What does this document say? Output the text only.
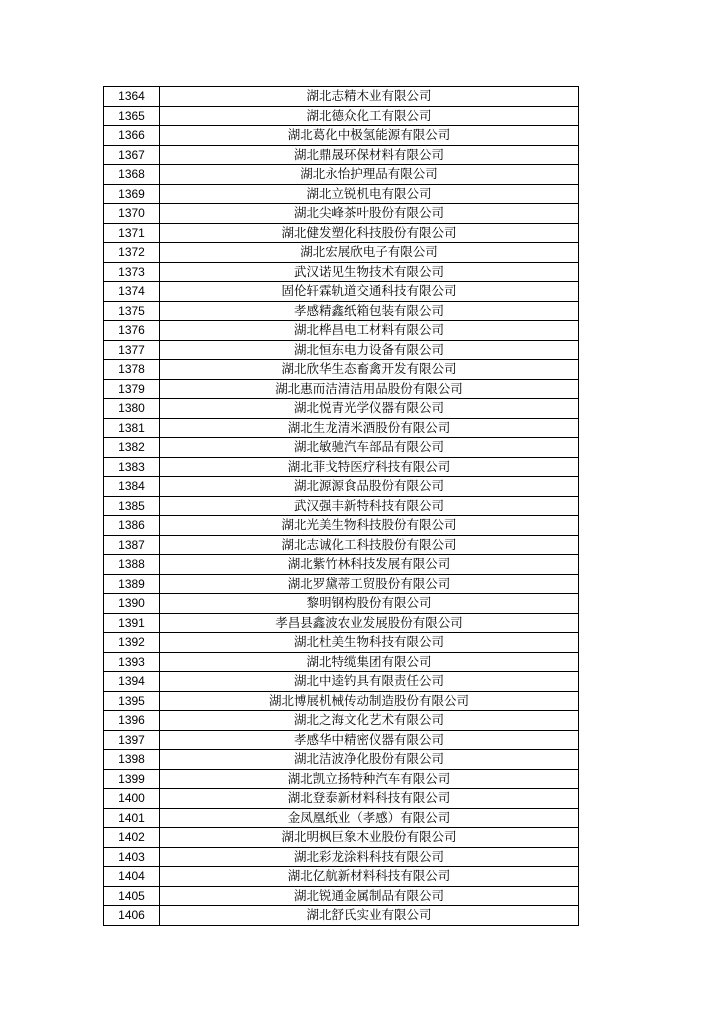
1364	湖北志精木业有限公司
1365	湖北德众化工有限公司
1366	湖北葛化中极氢能源有限公司
1367	湖北鼎晟环保材料有限公司
1368	湖北永怡护理品有限公司
1369	湖北立锐机电有限公司
1370	湖北尖峰茶叶股份有限公司
1371	湖北健发塑化科技股份有限公司
1372	湖北宏展欣电子有限公司
1373	武汉诺见生物技术有限公司
1374	固伦轩霖轨道交通科技有限公司
1375	孝感精鑫纸箱包装有限公司
1376	湖北桦昌电工材料有限公司
1377	湖北恒东电力设备有限公司
1378	湖北欣华生态畜禽开发有限公司
1379	湖北惠而洁清洁用品股份有限公司
1380	湖北悦青光学仪器有限公司
1381	湖北生龙清米酒股份有限公司
1382	湖北敏驰汽车部品有限公司
1383	湖北菲戈特医疗科技有限公司
1384	湖北源源食品股份有限公司
1385	武汉强丰新特科技有限公司
1386	湖北光美生物科技股份有限公司
1387	湖北志诚化工科技股份有限公司
1388	湖北紫竹林科技发展有限公司
1389	湖北罗黛蒂工贸股份有限公司
1390	黎明钢构股份有限公司
1391	孝昌县鑫波农业发展股份有限公司
1392	湖北杜美生物科技有限公司
1393	湖北特缆集团有限公司
1394	湖北中逵钓具有限责任公司
1395	湖北博展机械传动制造股份有限公司
1396	湖北之海文化艺术有限公司
1397	孝感华中精密仪器有限公司
1398	湖北洁波净化股份有限公司
1399	湖北凯立扬特种汽车有限公司
1400	湖北登泰新材料科技有限公司
1401	金凤凰纸业（孝感）有限公司
1402	湖北明枫巨象木业股份有限公司
1403	湖北彩龙涂料科技有限公司
1404	湖北亿航新材料科技有限公司
1405	湖北锐通金属制品有限公司
1406	湖北舒氏实业有限公司
